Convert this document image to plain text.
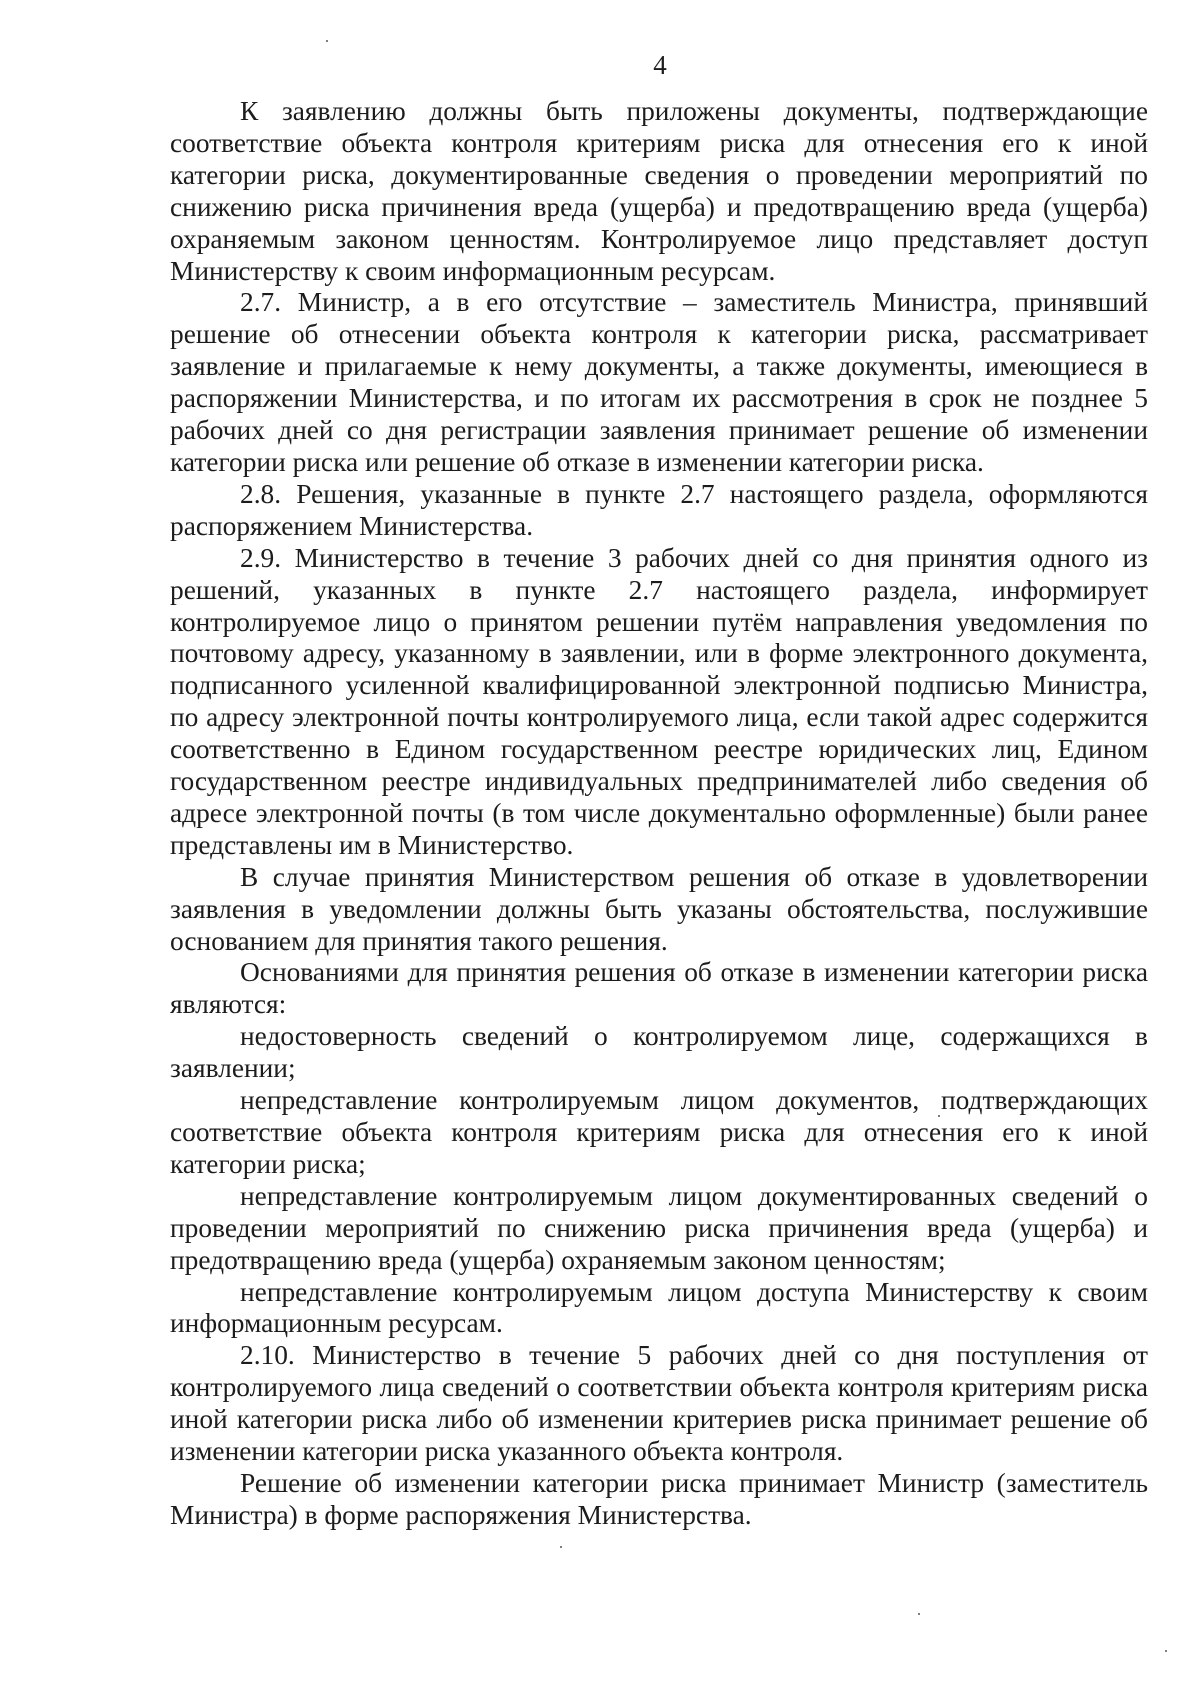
4

К заявлению должны быть приложены документы, подтверждающие соответствие объекта контроля критериям риска для отнесения его к иной категории риска, документированные сведения о проведении мероприятий по снижению риска причинения вреда (ущерба) и предотвращению вреда (ущерба) охраняемым законом ценностям. Контролируемое лицо представляет доступ Министерству к своим информационным ресурсам.

2.7. Министр, а в его отсутствие – заместитель Министра, принявший решение об отнесении объекта контроля к категории риска, рассматривает заявление и прилагаемые к нему документы, а также документы, имеющиеся в распоряжении Министерства, и по итогам их рассмотрения в срок не позднее 5 рабочих дней со дня регистрации заявления принимает решение об изменении категории риска или решение об отказе в изменении категории риска.

2.8. Решения, указанные в пункте 2.7 настоящего раздела, оформляются распоряжением Министерства.

2.9. Министерство в течение 3 рабочих дней со дня принятия одного из решений, указанных в пункте 2.7 настоящего раздела, информирует контролируемое лицо о принятом решении путём направления уведомления по почтовому адресу, указанному в заявлении, или в форме электронного документа, подписанного усиленной квалифицированной электронной подписью Министра, по адресу электронной почты контролируемого лица, если такой адрес содержится соответственно в Едином государственном реестре юридических лиц, Едином государственном реестре индивидуальных предпринимателей либо сведения об адресе электронной почты (в том числе документально оформленные) были ранее представлены им в Министерство.

В случае принятия Министерством решения об отказе в удовлетворении заявления в уведомлении должны быть указаны обстоятельства, послужившие основанием для принятия такого решения.

Основаниями для принятия решения об отказе в изменении категории риска являются:

недостоверность сведений о контролируемом лице, содержащихся в заявлении;

непредставление контролируемым лицом документов, подтверждающих соответствие объекта контроля критериям риска для отнесения его к иной категории риска;

непредставление контролируемым лицом документированных сведений о проведении мероприятий по снижению риска причинения вреда (ущерба) и предотвращению вреда (ущерба) охраняемым законом ценностям;

непредставление контролируемым лицом доступа Министерству к своим информационным ресурсам.

2.10. Министерство в течение 5 рабочих дней со дня поступления от контролируемого лица сведений о соответствии объекта контроля критериям риска иной категории риска либо об изменении критериев риска принимает решение об изменении категории риска указанного объекта контроля.

Решение об изменении категории риска принимает Министр (заместитель Министра) в форме распоряжения Министерства.
